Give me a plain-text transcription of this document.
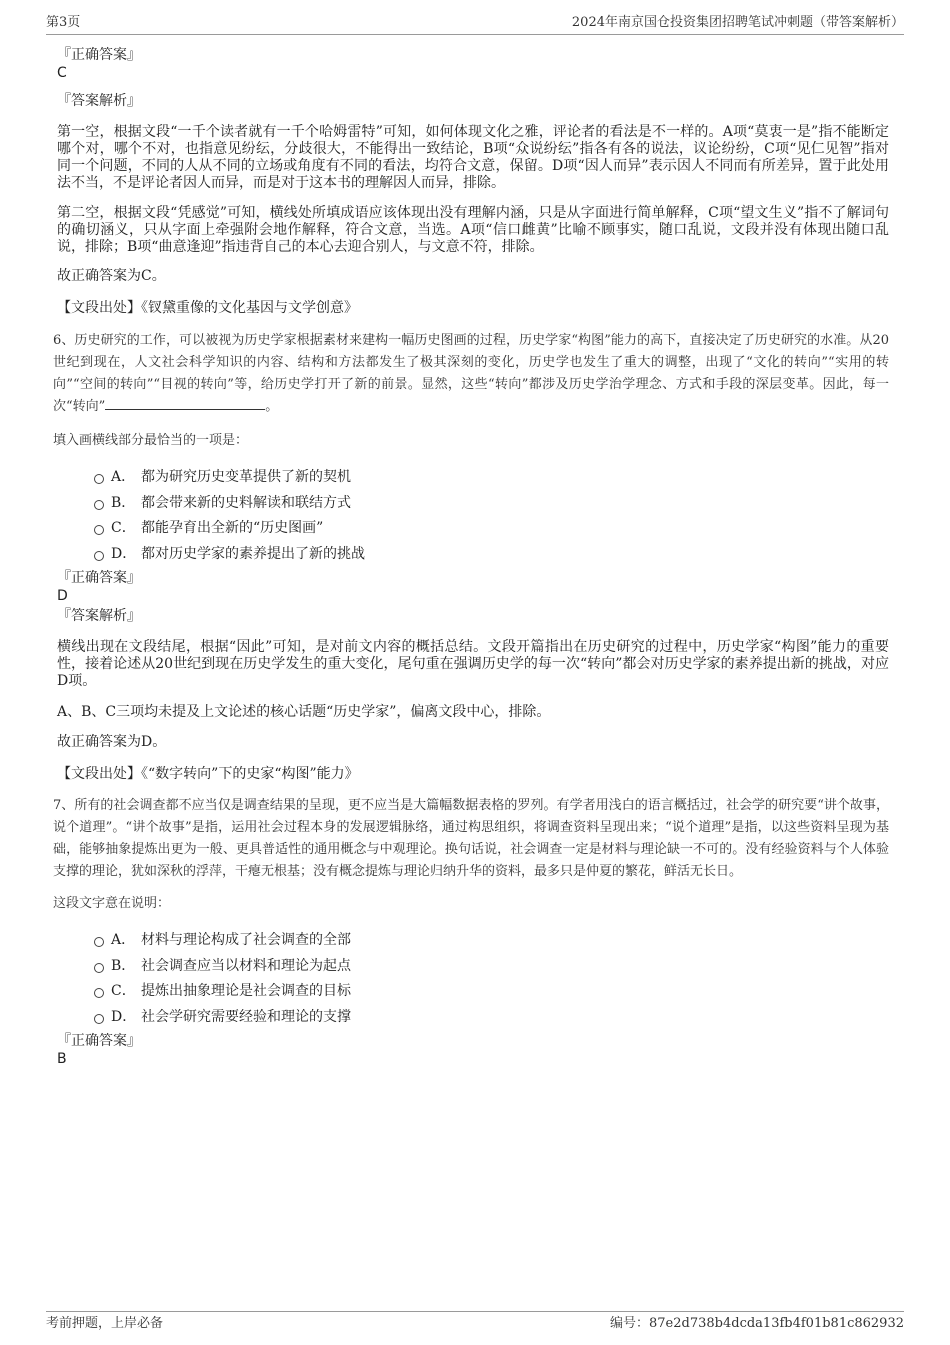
第3页	2024年南京国仓投资集团招聘笔试冲刺题（带答案解析）

『正确答案』

C

『答案解析』

第一空，根据文段“一千个读者就有一千个哈姆雷特”可知，如何体现文化之雅，评论者的看法是不一样的。A项“莫衷一是”指不能断定哪个对，哪个不对，也指意见纷纭，分歧很大，不能得出一致结论，B项“众说纷纭”指各有各的说法，议论纷纷，C项“见仁见智”指对同一个问题，不同的人从不同的立场或角度有不同的看法，均符合文意，保留。D项“因人而异”表示因人不同而有所差异，置于此处用法不当，不是评论者因人而异，而是对于这本书的理解因人而异，排除。

第二空，根据文段“凭感觉”可知，横线处所填成语应该体现出没有理解内涵，只是从字面进行简单解释，C项“望文生义”指不了解词句的确切涵义，只从字面上牵强附会地作解释，符合文意，当选。A项“信口雌黄”比喻不顾事实，随口乱说，文段并没有体现出随口乱说，排除；B项“曲意逢迎”指违背自己的本心去迎合别人，与文意不符，排除。

故正确答案为C。

【文段出处】《钗黛重像的文化基因与文学创意》

6、历史研究的工作，可以被视为历史学家根据素材来建构一幅历史图画的过程，历史学家“构图”能力的高下，直接决定了历史研究的水准。从20世纪到现在，人文社会科学知识的内容、结构和方法都发生了极其深刻的变化，历史学也发生了重大的调整，出现了“文化的转向”“实用的转向”“空间的转向”“目视的转向”等，给历史学打开了新的前景。显然，这些“转向”都涉及历史学治学理念、方式和手段的深层变革。因此，每一次“转向”	。

填入画横线部分最恰当的一项是：

A． 都为研究历史变革提供了新的契机
B． 都会带来新的史料解读和联结方式
C． 都能孕育出全新的“历史图画”
D． 都对历史学家的素养提出了新的挑战

『正确答案』

D

『答案解析』

横线出现在文段结尾，根据“因此”可知，是对前文内容的概括总结。文段开篇指出在历史研究的过程中，历史学家“构图”能力的重要性，接着论述从20世纪到现在历史学发生的重大变化，尾句重在强调历史学的每一次“转向”都会对历史学家的素养提出新的挑战，对应D项。

A、B、C三项均未提及上文论述的核心话题“历史学家”，偏离文段中心，排除。

故正确答案为D。

【文段出处】《“数字转向”下的史家“构图”能力》

7、所有的社会调查都不应当仅是调查结果的呈现，更不应当是大篇幅数据表格的罗列。有学者用浅白的语言概括过，社会学的研究要“讲个故事，说个道理”。“讲个故事”是指，运用社会过程本身的发展逻辑脉络，通过构思组织，将调查资料呈现出来；“说个道理”是指，以这些资料呈现为基础，能够抽象提炼出更为一般、更具普适性的通用概念与中观理论。换句话说，社会调查一定是材料与理论缺一不可的。没有经验资料与个人体验支撑的理论，犹如深秋的浮萍，干瘪无根基；没有概念提炼与理论归纳升华的资料，最多只是仲夏的繁花，鲜活无长日。

这段文字意在说明：

A． 材料与理论构成了社会调查的全部
B． 社会调查应当以材料和理论为起点
C． 提炼出抽象理论是社会调查的目标
D． 社会学研究需要经验和理论的支撑

『正确答案』

B

考前押题，上岸必备	编号：87e2d738b4dcda13fb4f01b81c862932
